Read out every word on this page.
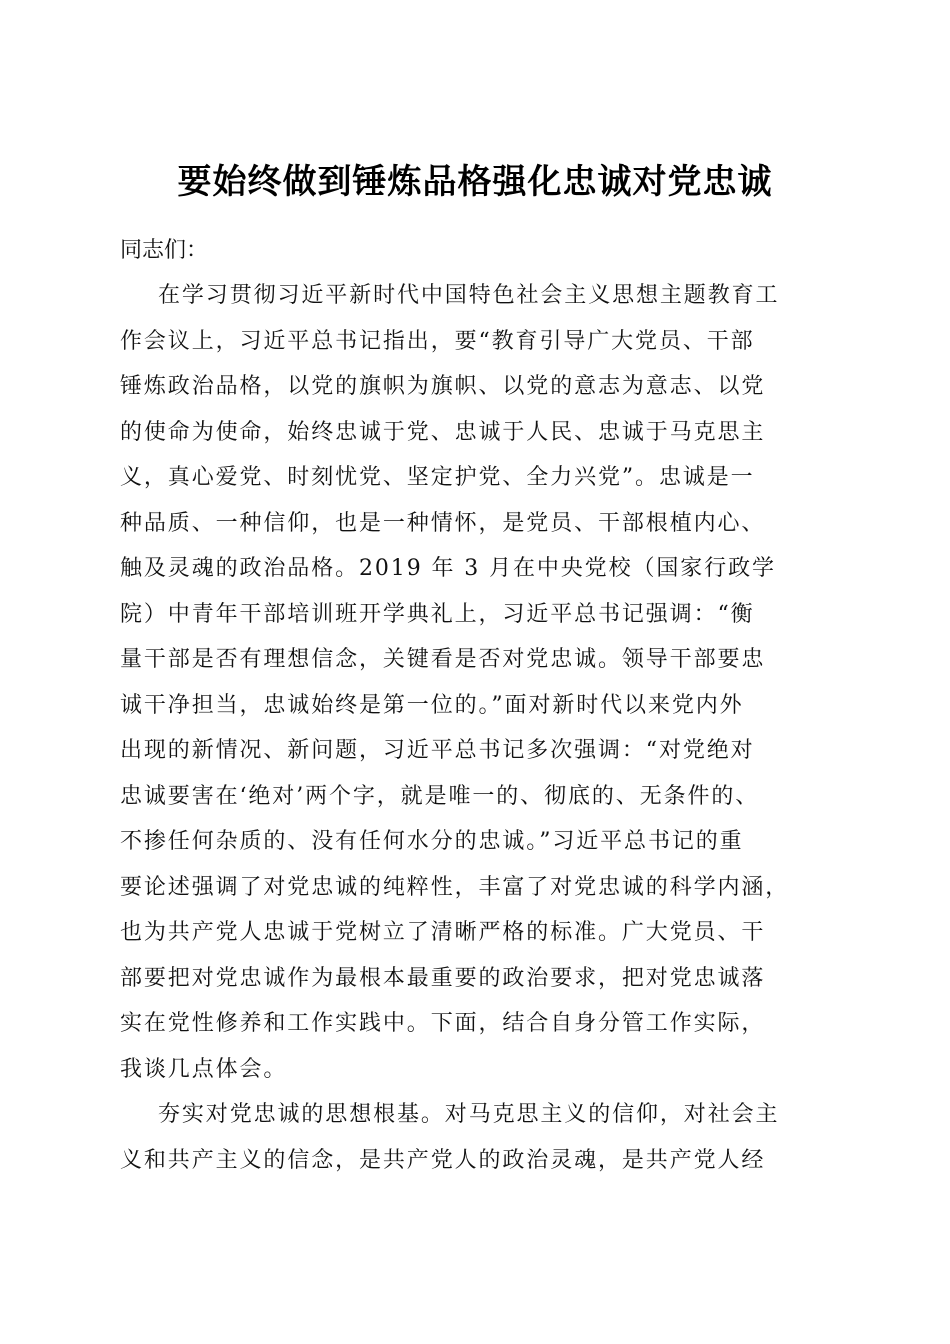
要始终做到锤炼品格强化忠诚对党忠诚

同志们：

在学习贯彻习近平新时代中国特色社会主义思想主题教育工
作会议上，习近平总书记指出，要“教育引导广大党员、干部
锤炼政治品格，以党的旗帜为旗帜、以党的意志为意志、以党
的使命为使命，始终忠诚于党、忠诚于人民、忠诚于马克思主
义，真心爱党、时刻忧党、坚定护党、全力兴党”。忠诚是一
种品质、一种信仰，也是一种情怀，是党员、干部根植内心、
触及灵魂的政治品格。2019 年 3 月在中央党校（国家行政学
院）中青年干部培训班开学典礼上，习近平总书记强调：“衡
量干部是否有理想信念，关键看是否对党忠诚。领导干部要忠
诚干净担当，忠诚始终是第一位的。”面对新时代以来党内外
出现的新情况、新问题，习近平总书记多次强调：“对党绝对
忠诚要害在‘绝对’两个字，就是唯一的、彻底的、无条件的、
不掺任何杂质的、没有任何水分的忠诚。”习近平总书记的重
要论述强调了对党忠诚的纯粹性，丰富了对党忠诚的科学内涵，
也为共产党人忠诚于党树立了清晰严格的标准。广大党员、干
部要把对党忠诚作为最根本最重要的政治要求，把对党忠诚落
实在党性修养和工作实践中。下面，结合自身分管工作实际，
我谈几点体会。
夯实对党忠诚的思想根基。对马克思主义的信仰，对社会主
义和共产主义的信念，是共产党人的政治灵魂，是共产党人经
